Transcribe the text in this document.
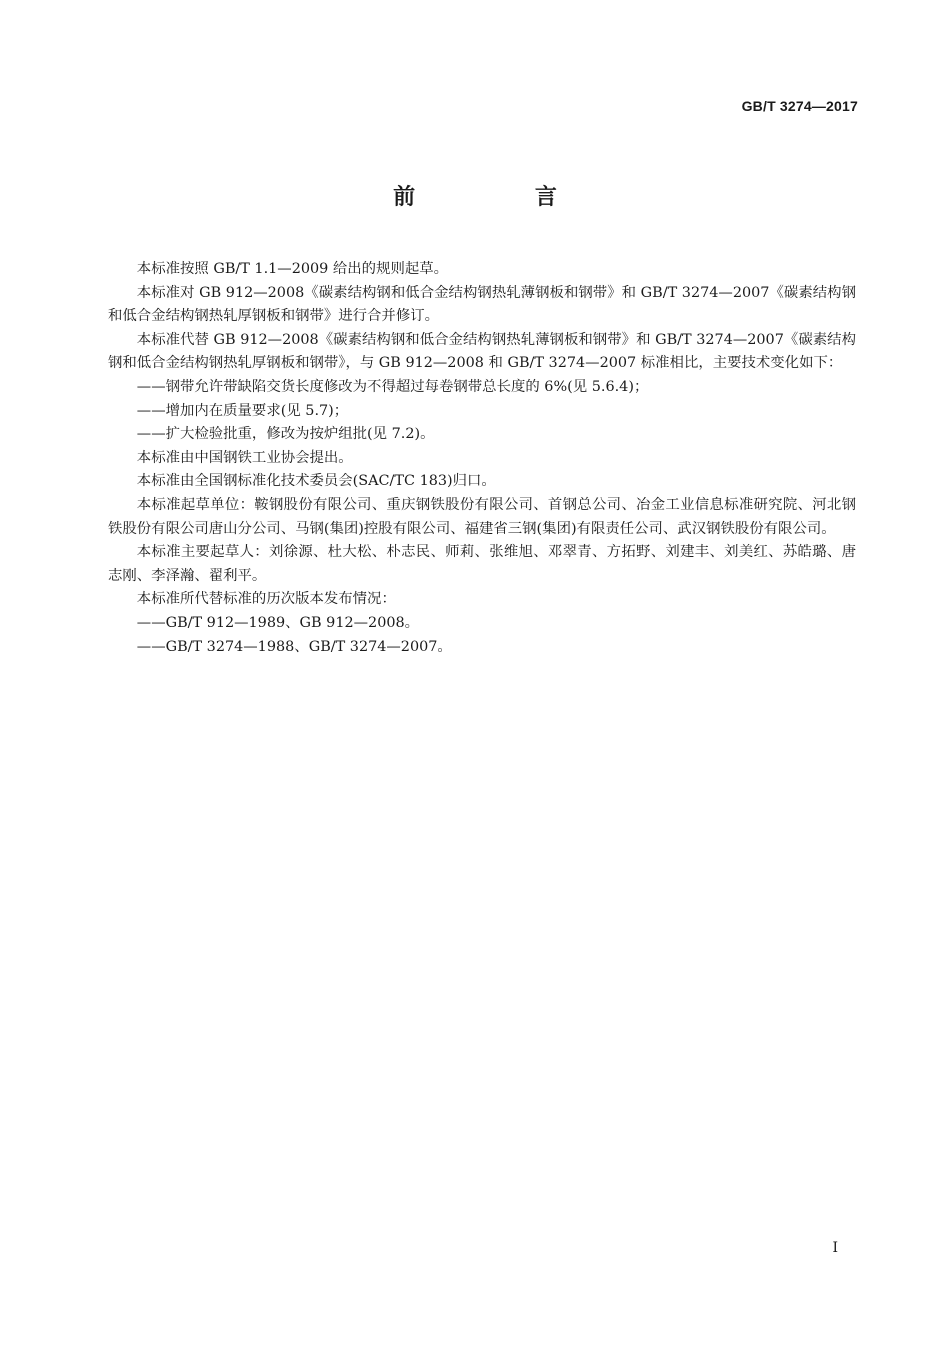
GB/T 3274—2017
前 言

本标准按照 GB/T 1.1—2009 给出的规则起草。

本标准对 GB 912—2008《碳素结构钢和低合金结构钢热轧薄钢板和钢带》和 GB/T 3274—2007《碳素结构钢和低合金结构钢热轧厚钢板和钢带》进行合并修订。

本标准代替 GB 912—2008《碳素结构钢和低合金结构钢热轧薄钢板和钢带》和 GB/T 3274—2007《碳素结构钢和低合金结构钢热轧厚钢板和钢带》，与 GB 912—2008 和 GB/T 3274—2007 标准相比，主要技术变化如下：

——钢带允许带缺陷交货长度修改为不得超过每卷钢带总长度的 6%(见 5.6.4)；

——增加内在质量要求(见 5.7)；

——扩大检验批重，修改为按炉组批(见 7.2)。

本标准由中国钢铁工业协会提出。

本标准由全国钢标准化技术委员会(SAC/TC 183)归口。

本标准起草单位：鞍钢股份有限公司、重庆钢铁股份有限公司、首钢总公司、冶金工业信息标准研究院、河北钢铁股份有限公司唐山分公司、马钢(集团)控股有限公司、福建省三钢(集团)有限责任公司、武汉钢铁股份有限公司。

本标准主要起草人：刘徐源、杜大松、朴志民、师莉、张维旭、邓翠青、方拓野、刘建丰、刘美红、苏皓璐、唐志刚、李泽瀚、翟利平。

本标准所代替标准的历次版本发布情况：

——GB/T 912—1989、GB 912—2008。

——GB/T 3274—1988、GB/T 3274—2007。

I
